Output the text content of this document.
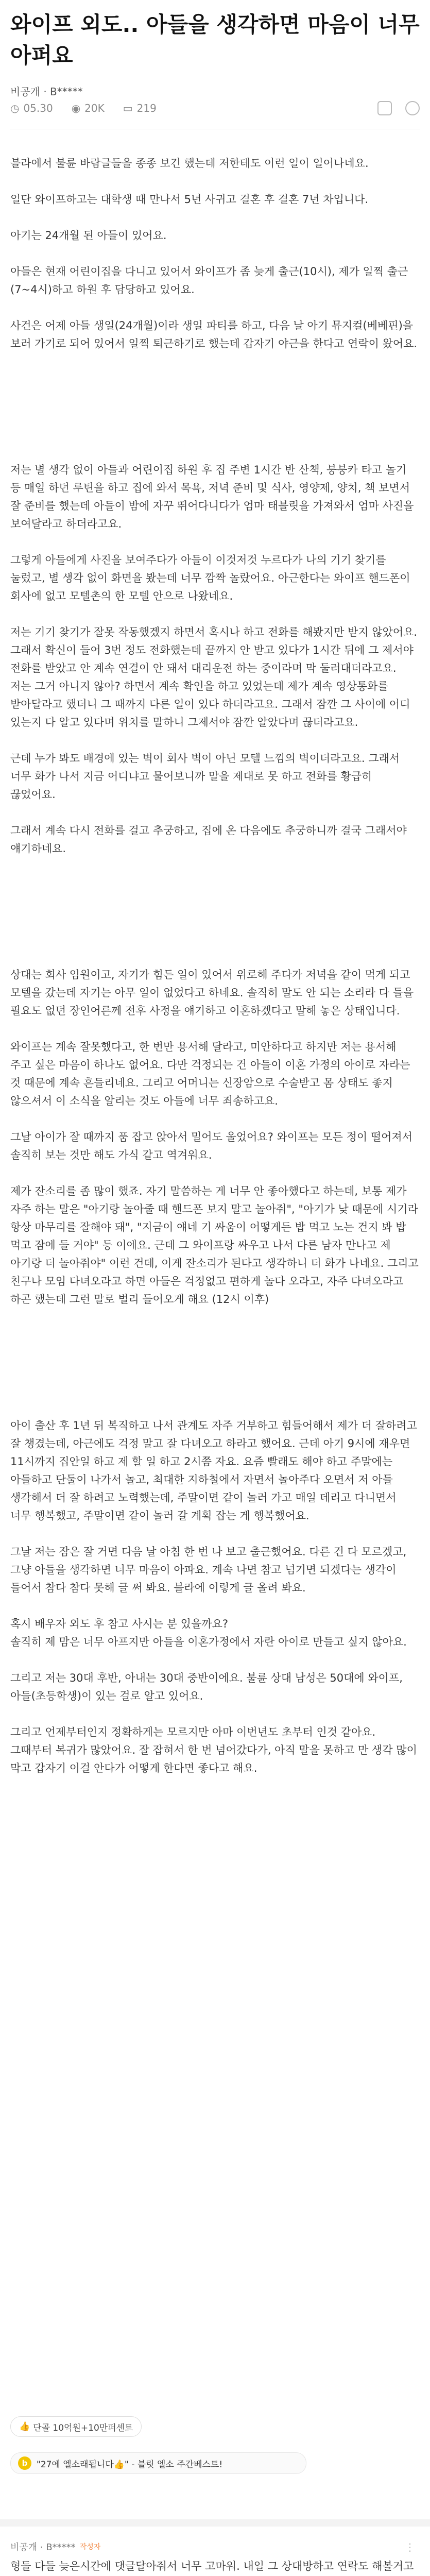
와이프 외도.. 아들을 생각하면 마음이 너무 아퍼요
비공개 · B*****
◷ 05.30 ◉ 20K ▭ 219

블라에서 불륜 바람글들을 종종 보긴 했는데 저한테도 이런 일이 일어나네요.

일단 와이프하고는 대학생 때 만나서 5년 사귀고 결혼 후 결혼 7년 차입니다.

아기는 24개월 된 아들이 있어요.

아들은 현재 어린이집을 다니고 있어서 와이프가 좀 늦게 출근(10시), 제가 일찍 출근(7~4시)하고 하원 후 담당하고 있어요.

사건은 어제 아들 생일(24개월)이라 생일 파티를 하고, 다음 날 아기 뮤지컬(베베핀)을 보러 가기로 되어 있어서 일찍 퇴근하기로 했는데 갑자기 야근을 한다고 연락이 왔어요.

저는 별 생각 없이 아들과 어린이집 하원 후 집 주변 1시간 반 산책, 붕붕카 타고 놀기 등 매일 하던 루틴을 하고 집에 와서 목욕, 저녁 준비 및 식사, 영양제, 양치, 책 보면서 잘 준비를 했는데 아들이 밤에 자꾸 뛰어다니다가 엄마 태블릿을 가져와서 엄마 사진을 보여달라고 하더라고요.

그렇게 아들에게 사진을 보여주다가 아들이 이것저것 누르다가 나의 기기 찾기를 눌렀고, 별 생각 없이 화면을 봤는데 너무 깜짝 놀랐어요. 아근한다는 와이프 핸드폰이 회사에 없고 모텔촌의 한 모텔 안으로 나왔네요.

저는 기기 찾기가 잘못 작동했겠지 하면서 혹시나 하고 전화를 해봤지만 받지 않았어요. 그래서 확신이 들어 3번 정도 전화했는데 끝까지 안 받고 있다가 1시간 뒤에 그 제서야 전화를 받았고 안 계속 연결이 안 돼서 대리운전 하는 중이라며 막 둘러대더라고요. 저는 그거 아니지 않아? 하면서 계속 확인을 하고 있었는데 제가 계속 영상통화를 받아달라고 했더니 그 때까지 다른 일이 있다 하더라고요. 그래서 잠깐 그 사이에 어디 있는지 다 알고 있다며 위치를 말하니 그제서야 잠깐 알았다며 끊더라고요.

근데 누가 봐도 배경에 있는 벽이 회사 벽이 아닌 모텔 느낌의 벽이더라고요. 그래서 너무 화가 나서 지금 어디냐고 물어보니까 말을 제대로 못 하고 전화를 황급히 끊었어요.

그래서 계속 다시 전화를 걸고 추궁하고, 집에 온 다음에도 추궁하니까 결국 그래서야 얘기하네요.

상대는 회사 임원이고, 자기가 힘든 일이 있어서 위로해 주다가 저녁을 같이 먹게 되고 모텔을 갔는데 자기는 아무 일이 없었다고 하네요. 솔직히 말도 안 되는 소리라 다 들을 필요도 없던 장인어른께 전후 사정을 얘기하고 이혼하겠다고 말해 놓은 상태입니다.

와이프는 계속 잘못했다고, 한 번만 용서해 달라고, 미안하다고 하지만 저는 용서해 주고 싶은 마음이 하나도 없어요. 다만 걱정되는 건 아들이 이혼 가정의 아이로 자라는 것 때문에 계속 흔들리네요. 그리고 어머니는 신장암으로 수술받고 몸 상태도 좋지 않으셔서 이 소식을 알리는 것도 아들에 너무 죄송하고요.

그날 아이가 잘 때까지 품 잡고 앉아서 밀어도 울었어요? 와이프는 모든 정이 떨어져서 솔직히 보는 것만 해도 가식 같고 역겨워요.

제가 잔소리를 좀 많이 했죠. 자기 말씀하는 게 너무 안 좋아했다고 하는데, 보통 제가 자주 하는 말은 "아기랑 놀아줄 때 핸드폰 보지 말고 놀아줘", "아기가 낮 때문에 시기라 항상 마무리를 잘해야 돼", "지금이 얘네 기 싸움이 어떻게든 밥 먹고 노는 건지 봐 밥 먹고 잠에 들 거야" 등 이에요. 근데 그 와이프랑 싸우고 나서 다른 남자 만나고 제 아기랑 더 놀아줘야" 이런 건데, 이게 잔소리가 된다고 생각하니 더 화가 나네요. 그리고 친구나 모임 다녀오라고 하면 아들은 걱정없고 편하게 놀다 오라고, 자주 다녀오라고 하곤 했는데 그런 말로 벌리 들어오게 해요 (12시 이후)

아이 출산 후 1년 뒤 복직하고 나서 관계도 자주 거부하고 힘들어해서 제가 더 잘하려고 잘 챙겼는데, 아근에도 걱정 말고 잘 다녀오고 하라고 했어요. 근데 아기 9시에 재우면 11시까지 집안일 하고 제 할 일 하고 2시쯤 자요. 요즘 빨래도 해야 하고 주말에는 아들하고 단둘이 나가서 놀고, 최대한 지하철에서 자면서 놀아주다 오면서 저 아들 생각해서 더 잘 하려고 노력했는데, 주말이면 같이 놀러 가고 매일 데리고 다니면서 너무 행복했고, 주말이면 같이 놀러 갈 계획 잡는 게 행복했어요.

그날 저는 잠은 잘 거면 다음 날 아침 한 번 나 보고 출근했어요. 다른 건 다 모르겠고, 그냥 아들을 생각하면 너무 마음이 아파요. 계속 나면 참고 넘기면 되겠다는 생각이 들어서 참다 참다 못해 글 써 봐요. 블라에 이렇게 글 올려 봐요.

혹시 배우자 외도 후 참고 사시는 분 있을까요?
솔직히 제 맘은 너무 아프지만 아들을 이혼가정에서 자란 아이로 만들고 싶지 않아요.

그리고 저는 30대 후반, 아내는 30대 중반이에요. 불륜 상대 남성은 50대에 와이프, 아들(초등학생)이 있는 걸로 알고 있어요.

그리고 언제부터인지 정확하게는 모르지만 아마 이번년도 초부터 인것 같아요. 그때부터 복귀가 많았어요. 잘 잡혀서 한 번 넘어갔다가, 아직 말을 못하고 만 생각 많이 막고 갑자기 이걸 안다가 어떻게 한다면 좋다고 해요.

👍 단골 10억원+10만퍼센트
b	"27에 엘소래됩니다👍" - 블릿 엘소 주간베스트!
비공개 · B***** 작성자	⋮
형들 다들 늦은시간에 댓글달아줘서 너무 고마워. 내일 그 상대방하고 연락도 해볼거고
